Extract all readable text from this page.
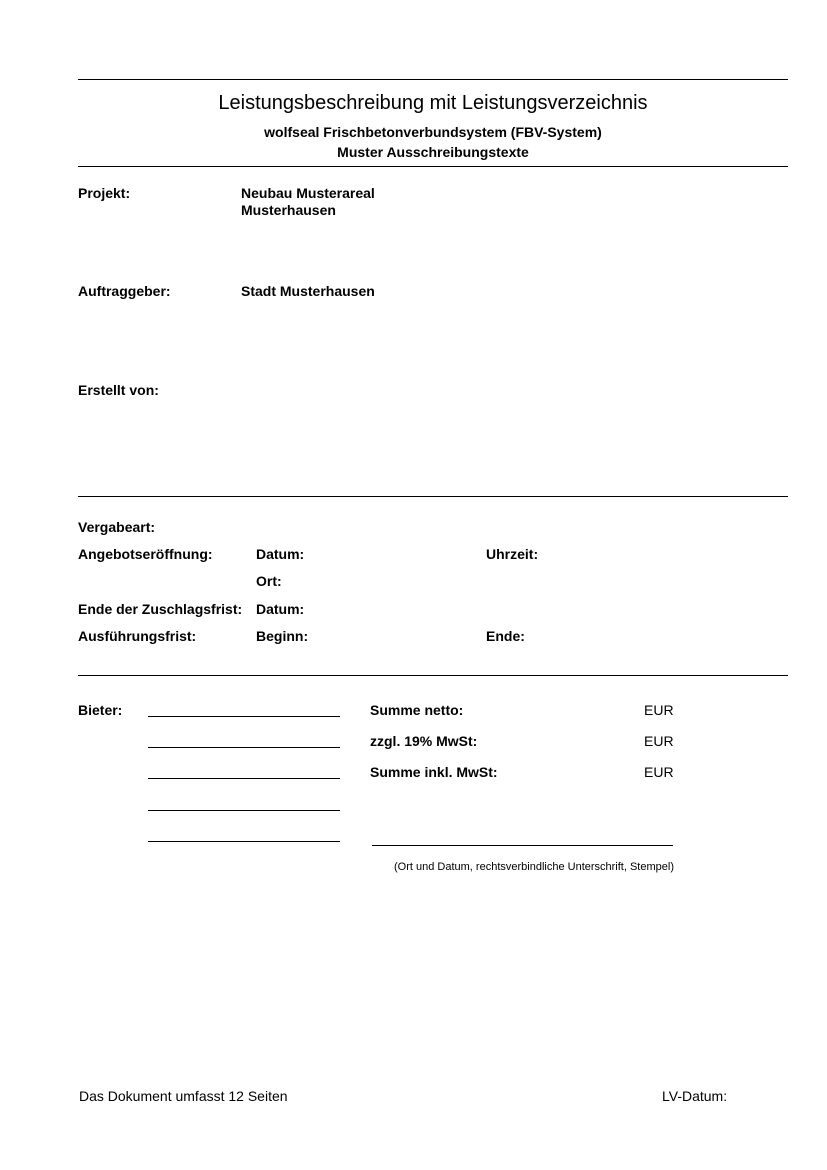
Leistungsbeschreibung mit Leistungsverzeichnis
wolfseal Frischbetonverbundsystem (FBV-System)
Muster Ausschreibungstexte
Projekt:	Neubau Musterareal
Musterhausen
Auftraggeber:	Stadt Musterhausen
Erstellt von:
Vergabeart:
Angebotseröffnung:	Datum:	Uhrzeit:
Ort:
Ende der Zuschlagsfrist: Datum:
Ausführungsfrist:	Beginn:	Ende:
Bieter:	Summe netto:	EUR
zzgl. 19% MwSt:	EUR
Summe inkl. MwSt:	EUR
(Ort und Datum, rechtsverbindliche Unterschrift, Stempel)
Das Dokument umfasst 12 Seiten	LV-Datum:
